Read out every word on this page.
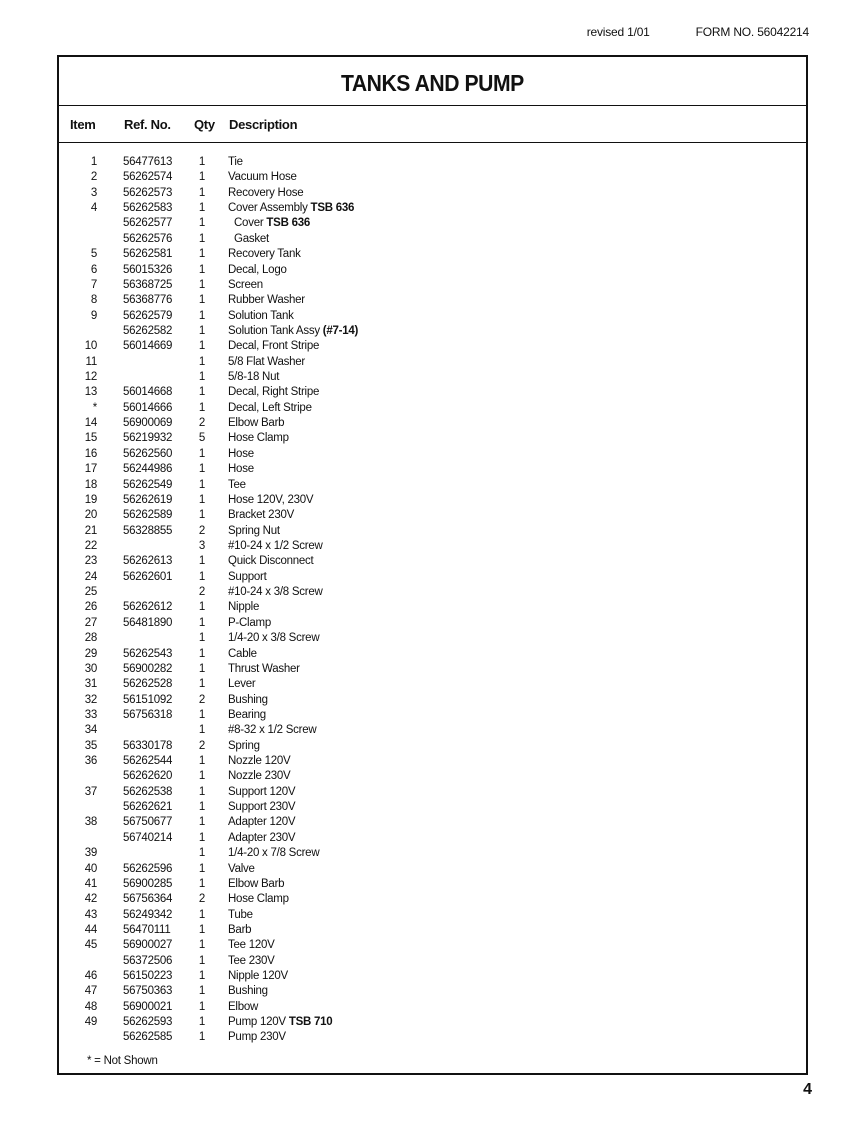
revised 1/01	FORM NO. 56042214
TANKS AND PUMP
Item Ref. No. Qty Description
1 56477613 1 Tie
2 56262574 1 Vacuum Hose
3 56262573 1 Recovery Hose
4 56262583 1 Cover Assembly TSB 636
56262577 1	Cover TSB 636
56262576 1	Gasket
5 56262581 1 Recovery Tank
6 56015326 1 Decal, Logo
7 56368725 1 Screen
8 56368776 1 Rubber Washer
9 56262579 1 Solution Tank
56262582 1 Solution Tank Assy (#7-14)
10 56014669 1 Decal, Front Stripe
11	1 5/8 Flat Washer
12	1 5/8-18 Nut
13 56014668 1 Decal, Right Stripe
* 56014666 1 Decal, Left Stripe
14 56900069 2 Elbow Barb
15 56219932 5 Hose Clamp
16 56262560 1 Hose
17 56244986 1 Hose
18 56262549 1 Tee
19 56262619 1 Hose 120V, 230V
20 56262589 1 Bracket 230V
21 56328855 2 Spring Nut
22	3 #10-24 x 1/2 Screw
23 56262613 1 Quick Disconnect
24 56262601 1 Support
25	2 #10-24 x 3/8 Screw
26 56262612 1 Nipple
27 56481890 1 P-Clamp
28	1 1/4-20 x 3/8 Screw
29 56262543 1 Cable
30 56900282 1 Thrust Washer
31 56262528 1 Lever
32 56151092 2 Bushing
33 56756318 1 Bearing
34	1 #8-32 x 1/2 Screw
35 56330178 2 Spring
36 56262544 1 Nozzle 120V
56262620 1 Nozzle 230V
37 56262538 1 Support 120V
56262621 1 Support 230V
38 56750677 1 Adapter 120V
56740214 1 Adapter 230V
39	1 1/4-20 x 7/8 Screw
40 56262596 1 Valve
41 56900285 1 Elbow Barb
42 56756364 2 Hose Clamp
43 56249342 1 Tube
44 56470111 1 Barb
45 56900027 1 Tee 120V
56372506 1 Tee 230V
46 56150223 1 Nipple 120V
47 56750363 1 Bushing
48 56900021 1 Elbow
49 56262593 1 Pump 120V TSB 710
56262585 1 Pump 230V
* = Not Shown
4
